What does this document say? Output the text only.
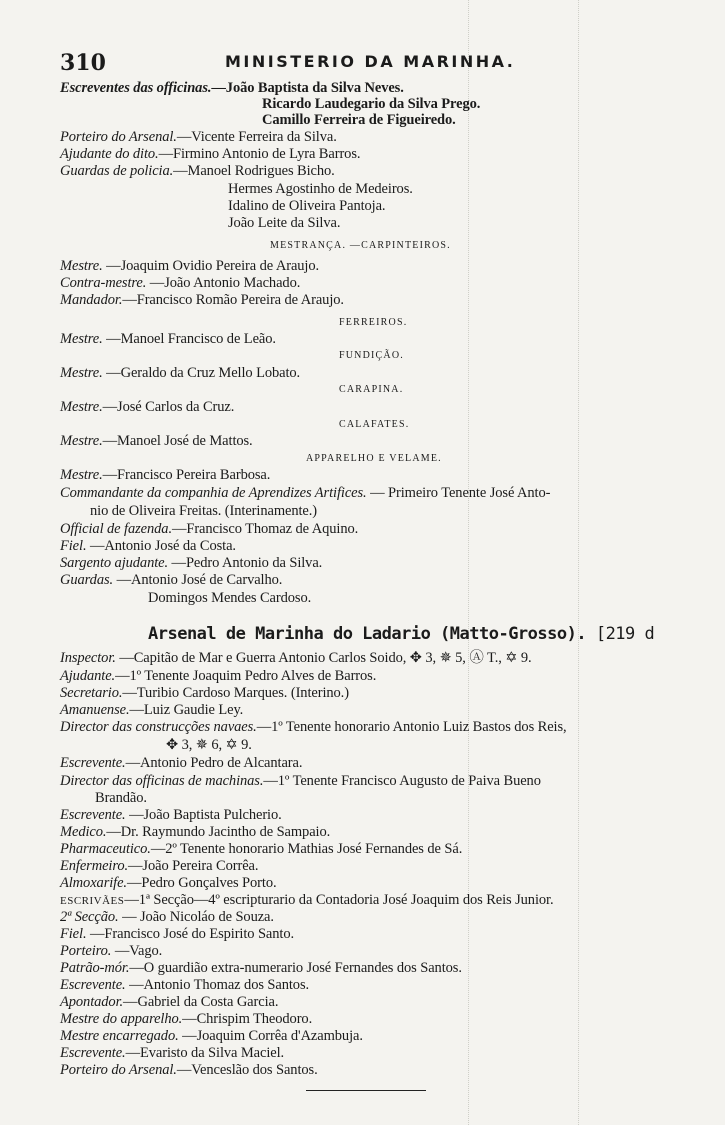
310	MINISTERIO DA MARINHA.
Escreventes das officinas.—João Baptista da Silva Neves.
Ricardo Laudegario da Silva Prego.
Camillo Ferreira de Figueiredo.
Porteiro do Arsenal.—Vicente Ferreira da Silva.
Ajudante do dito.—Firmino Antonio de Lyra Barros.
Guardas de policia.—Manoel Rodrigues Bicho.
Hermes Agostinho de Medeiros.
Idalino de Oliveira Pantoja.
João Leite da Silva.
MESTRANÇA. —CARPINTEIROS.
Mestre. —Joaquim Ovidio Pereira de Araujo.
Contra-mestre. —João Antonio Machado.
Mandador.—Francisco Romão Pereira de Araujo.
FERREIROS.
Mestre. —Manoel Francisco de Leão.
FUNDIÇÃO.
Mestre. —Geraldo da Cruz Mello Lobato.
CARAPINA.
Mestre.—José Carlos da Cruz.
CALAFATES.
Mestre.—Manoel José de Mattos.
APPARELHO E VELAME.
Mestre.—Francisco Pereira Barbosa.
Commandante da companhia de Aprendizes Artifices. — Primeiro Tenente José Anto-
nio de Oliveira Freitas. (Interinamente.)
Official de fazenda.—Francisco Thomaz de Aquino.
Fiel. —Antonio José da Costa.
Sargento ajudante. —Pedro Antonio da Silva.
Guardas. —Antonio José de Carvalho.
Domingos Mendes Cardoso.
Arsenal de Marinha do Ladario (Matto-Grosso). [219 d
Inspector. —Capitão de Mar e Guerra Antonio Carlos Soido, ✥ 3, ✵ 5, Ⓐ T., ✡ 9.
Ajudante.—1º Tenente Joaquim Pedro Alves de Barros.
Secretario.—Turibio Cardoso Marques. (Interino.)
Amanuense.—Luiz Gaudie Ley.
Director das construcções navaes.—1º Tenente honorario Antonio Luiz Bastos dos Reis,
✥ 3, ✵ 6, ✡ 9.
Escrevente.—Antonio Pedro de Alcantara.
Director das officinas de machinas.—1º Tenente Francisco Augusto de Paiva Bueno
Brandão.
Escrevente. —João Baptista Pulcherio.
Medico.—Dr. Raymundo Jacintho de Sampaio.
Pharmaceutico.—2º Tenente honorario Mathias José Fernandes de Sá.
Enfermeiro.—João Pereira Corrêa.
Almoxarife.—Pedro Gonçalves Porto.
ESCRIVÃES—1ª Secção—4º escripturario da Contadoria José Joaquim dos Reis Junior.
2ª Secção. — João Nicoláo de Souza.
Fiel. —Francisco José do Espirito Santo.
Porteiro. —Vago.
Patrão-mór.—O guardião extra-numerario José Fernandes dos Santos.
Escrevente. —Antonio Thomaz dos Santos.
Apontador.—Gabriel da Costa Garcia.
Mestre do apparelho.—Chrispim Theodoro.
Mestre encarregado. —Joaquim Corrêa d'Azambuja.
Escrevente.—Evaristo da Silva Maciel.
Porteiro do Arsenal.—Venceslão dos Santos.
